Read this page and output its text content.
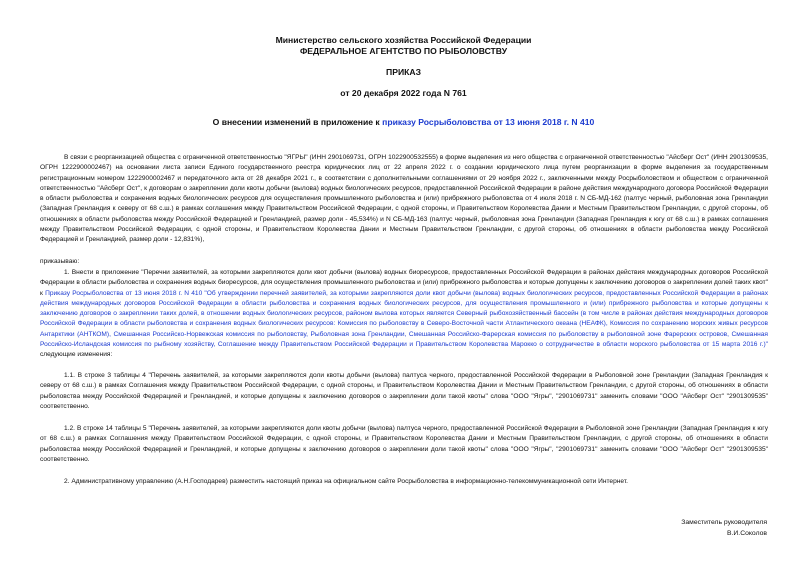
Министерство сельского хозяйства Российской Федерации
ФЕДЕРАЛЬНОЕ АГЕНТСТВО ПО РЫБОЛОВСТВУ
ПРИКАЗ
от 20 декабря 2022 года N 761
О внесении изменений в приложение к приказу Росрыболовства от 13 июня 2018 г. N 410

В связи с реорганизацией общества с ограниченной ответственностью "ЯГРЫ" (ИНН 2901069731, ОГРН 1022900532555) в форме выделения из него общества с ограниченной ответственностью "Айсберг Ост" (ИНН 2901309535, ОГРН 1222900002467) на основании листа записи Единого государственного реестра юридических лиц от 22 апреля 2022 г. о создании юридического лица путем реорганизации в форме выделения за государственным регистрационным номером 1222900002467 и передаточного акта от 28 декабря 2021 г., в соответствии с дополнительными соглашениями от 29 ноября 2022 г., заключенными между Росрыболовством и обществом с ограниченной ответственностью "Айсберг Ост", к договорам о закреплении доли квоты добычи (вылова) водных биологических ресурсов, предоставленной Российской Федерации в районе действия международного договора Российской Федерации в области рыболовства и сохранения водных биологических ресурсов для осуществления промышленного рыболовства и (или) прибрежного рыболовства от 4 июля 2018 г. N СБ-МД-162 (палтус черный, рыболовная зона Гренландии (Западная Гренландия к северу от 68 с.ш.) в рамках соглашения между Правительством Российской Федерации, с одной стороны, и Правительством Королевства Дании и Местным Правительством Гренландии, с другой стороны, об отношениях в области рыболовства между Российской Федерацией и Гренландией, размер доли - 45,534%) и N СБ-МД-163 (палтус черный, рыболовная зона Гренландии (Западная Гренландия к югу от 68 с.ш.) в рамках соглашения между Правительством Российской Федерации, с одной стороны, и Правительством Королевства Дании и Местным Правительством Гренландии, с другой стороны, об отношениях в области рыболовства между Российской Федерацией и Гренландией, размер доли - 12,831%),

приказываю:

1. Внести в приложение "Перечни заявителей, за которыми закрепляются доли квот добычи (вылова) водных биоресурсов, предоставленных Российской Федерации в районах действия международных договоров Российской Федерации в области рыболовства и сохранения водных биоресурсов, для осуществления промышленного рыболовства и (или) прибрежного рыболовства и которые допущены к заключению договоров о закреплении долей таких квот" к Приказу Росрыболовства от 13 июня 2018 г. N 410 "Об утверждении перечней заявителей, за которыми закрепляются доли квот добычи (вылова) водных биологических ресурсов, предоставленных Российской Федерации в районах действия международных договоров Российской Федерации в области рыболовства и сохранения водных биологических ресурсов, для осуществления промышленного и (или) прибрежного рыболовства и которые допущены к заключению договоров о закреплении таких долей, в отношении водных биологических ресурсов, районом вылова которых является Северный рыбохозяйственный бассейн (в том числе в районах действия международных договоров Российской Федерации в области рыболовства и сохранения водных биологических ресурсов: Комиссия по рыболовству в Северо-Восточной части Атлантического океана (НЕАФК), Комиссия по сохранению морских живых ресурсов Антарктики (АНТКОМ), Смешанная Российско-Норвежская комиссия по рыболовству, Рыболовная зона Гренландии, Смешанная Российско-Фарерская комиссия по рыболовству в рыболовной зоне Фарерских островов, Смешанная Российско-Исландская комиссия по рыбному хозяйству, Соглашение между Правительством Российской Федерации и Правительством Королевства Марокко о сотрудничестве в области морского рыболовства от 15 марта 2016 г.)" следующие изменения:

1.1. В строке 3 таблицы 4 "Перечень заявителей, за которыми закрепляются доли квоты добычи (вылова) палтуса черного, предоставленной Российской Федерации в Рыболовной зоне Гренландии (Западная Гренландия к северу от 68 с.ш.) в рамках Соглашения между Правительством Российской Федерации, с одной стороны, и Правительством Королевства Дании и Местным Правительством Гренландии, с другой стороны, об отношениях в области рыболовства между Российской Федерацией и Гренландией, и которые допущены к заключению договоров о закреплении доли такой квоты" слова "ООО "Ягры", "2901069731" заменить словами "ООО "Айсберг Ост" "2901309535" соответственно.

1.2. В строке 14 таблицы 5 "Перечень заявителей, за которыми закрепляются доли квоты добычи (вылова) палтуса черного, предоставленной Российской Федерации в Рыболовной зоне Гренландии (Западная Гренландия к югу от 68 с.ш.) в рамках Соглашения между Правительством Российской Федерации, с одной стороны, и Правительством Королевства Дании и Местным Правительством Гренландии, с другой стороны, об отношениях в области рыболовства между Российской Федерацией и Гренландией, и которые допущены к заключению договоров о закреплении доли такой квоты" слова "ООО "Ягры", "2901069731" заменить словами "ООО "Айсберг Ост" "2901309535" соответственно.

2. Административному управлению (А.Н.Господарев) разместить настоящий приказ на официальном сайте Росрыболовства в информационно-телекоммуникационной сети Интернет.

Заместитель руководителя
В.И.Соколов
